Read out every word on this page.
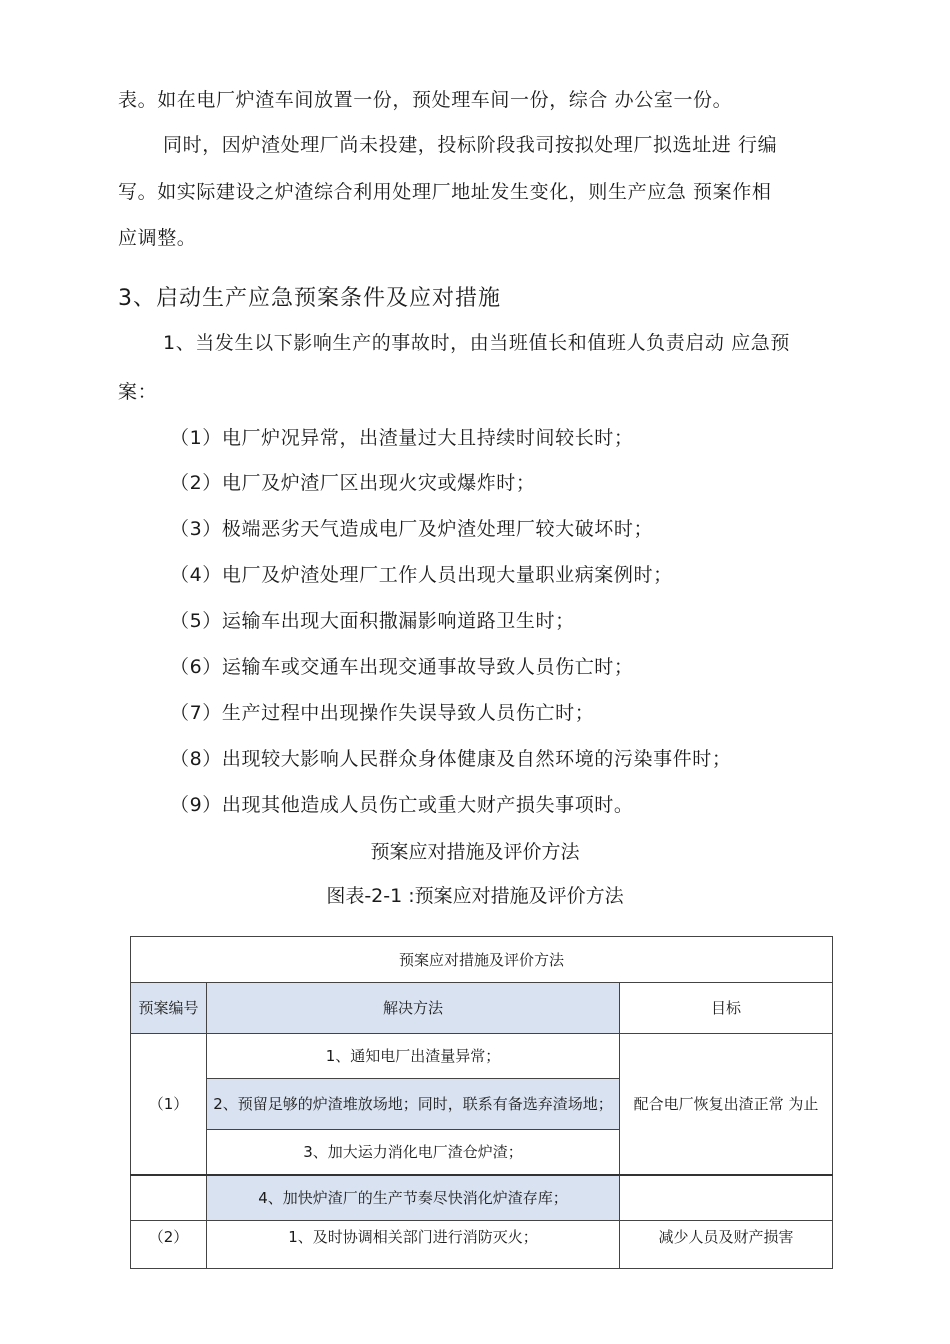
表。如在电厂炉渣车间放置一份，预处理车间一份，综合 办公室一份。
同时，因炉渣处理厂尚未投建，投标阶段我司按拟处理厂拟选址进 行编
写。如实际建设之炉渣综合利用处理厂地址发生变化，则生产应急 预案作相
应调整。
3、启动生产应急预案条件及应对措施
1、当发生以下影响生产的事故时，由当班值长和值班人负责启动 应急预
案：
（1）电厂炉况异常，出渣量过大且持续时间较长时；
（2）电厂及炉渣厂区出现火灾或爆炸时；
（3）极端恶劣天气造成电厂及炉渣处理厂较大破坏时；
（4）电厂及炉渣处理厂工作人员出现大量职业病案例时；
（5）运输车出现大面积撒漏影响道路卫生时；
（6）运输车或交通车出现交通事故导致人员伤亡时；
（7）生产过程中出现操作失误导致人员伤亡时；
（8）出现较大影响人民群众身体健康及自然环境的污染事件时；
（9）出现其他造成人员伤亡或重大财产损失事项时。
预案应对措施及评价方法
图表-2-1 :预案应对措施及评价方法
预案应对措施及评价方法		
预案编号	解决方法	目标
（1）	1、通知电厂出渣量异常；	配合电厂恢复出渣正常 为止
	2、预留足够的炉渣堆放场地；同时，联系有备选弃渣场地；	
	3、加大运力消化电厂渣仓炉渣；	
	4、加快炉渣厂的生产节奏尽快消化炉渣存库；	
（2）	1、及时协调相关部门进行消防灭火；	减少人员及财产损害
